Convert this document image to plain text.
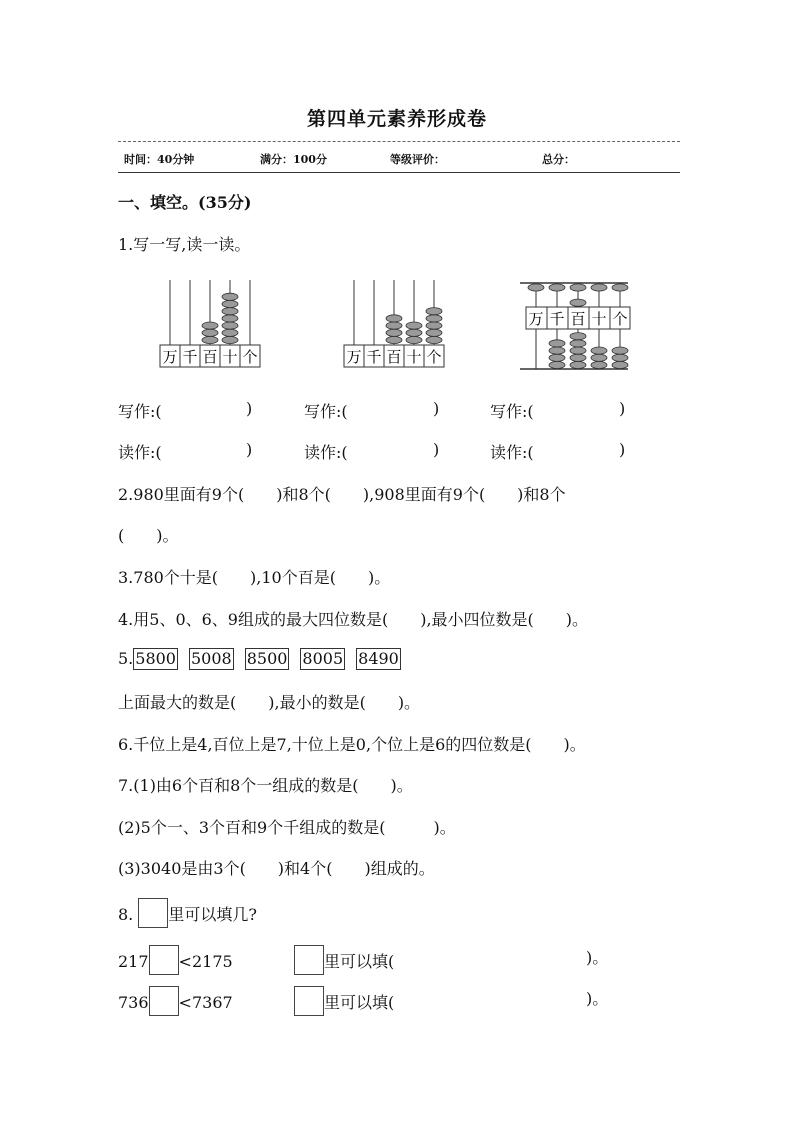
第四单元素养形成卷
时间：40分钟	满分：100分	等级评价：	总分：
一、填空。(35分)
1.写一写,读一读。
万 千 百 十 个	万 千 百 十 个
万 千 百 十 个
写作:(	)	写作:(	)	写作:(	)
读作:(	)	读作:(	)	读作:(	)
2.980里面有9个(　　)和8个(　　),908里面有9个(　　)和8个
(　　)。
3.780个十是(　　),10个百是(　　)。
4.用5、0、6、9组成的最大四位数是(　　),最小四位数是(　　)。
5. 5800 5008 8500 8005 8490
上面最大的数是(　　),最小的数是(　　)。
6.千位上是4,百位上是7,十位上是0,个位上是6的四位数是(　　)。
7.(1)由6个百和8个一组成的数是(　　)。
(2)5个一、3个百和9个千组成的数是(　　　)。
(3)3040是由3个(　　)和4个(　　)组成的。
8. 里可以填几?
217 <2175	里可以填(	)。
736 <7367	里可以填(	)。
